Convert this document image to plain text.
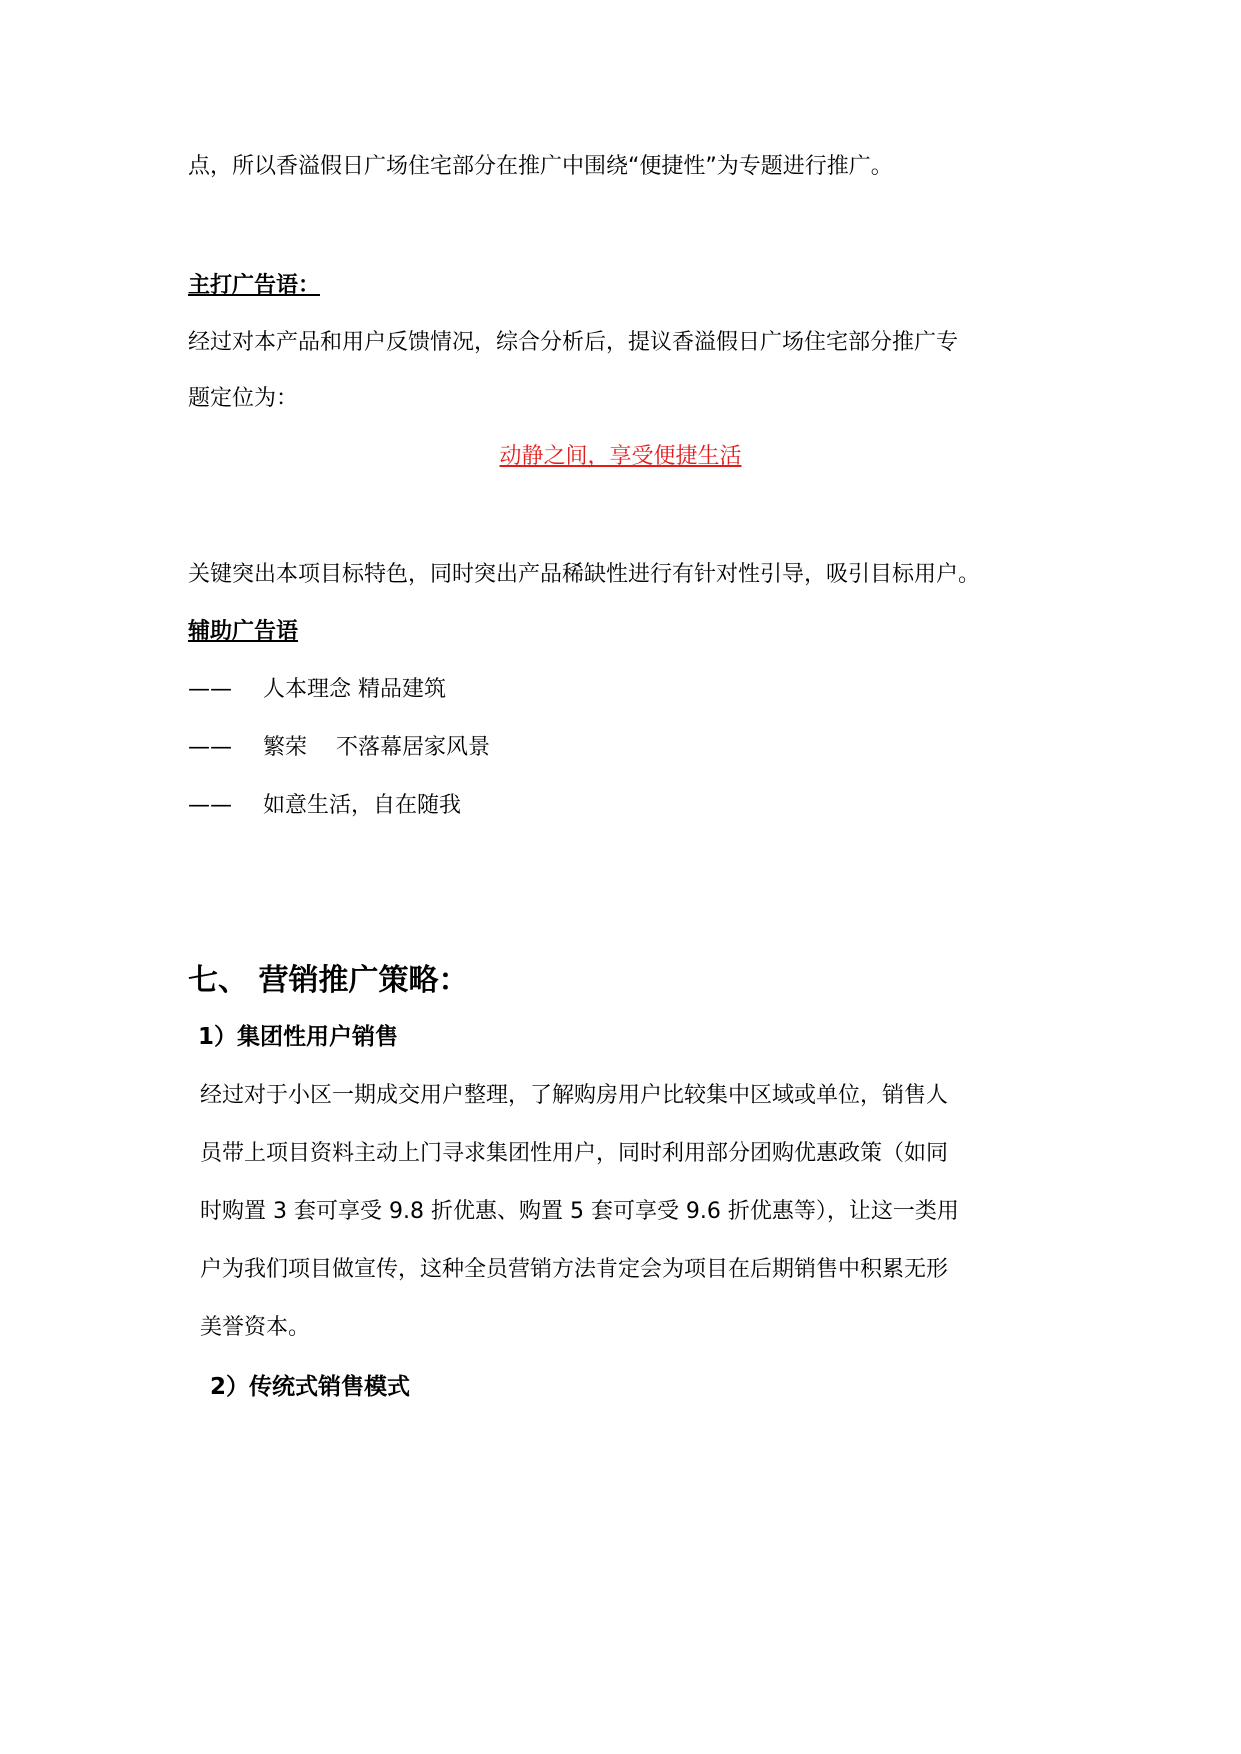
点，所以香溢假日广场住宅部分在推广中围绕“便捷性”为专题进行推广。
主打广告语：
经过对本产品和用户反馈情况，综合分析后，提议香溢假日广场住宅部分推广专
题定位为：
动静之间，享受便捷生活
关键突出本项目标特色，同时突出产品稀缺性进行有针对性引导，吸引目标用户。
辅助广告语
—— 人本理念 精品建筑
—— 繁荣　 不落幕居家风景
—— 如意生活，自在随我
七、 营销推广策略：
1）集团性用户销售
经过对于小区一期成交用户整理，了解购房用户比较集中区域或单位，销售人
员带上项目资料主动上门寻求集团性用户，同时利用部分团购优惠政策（如同
时购置 3 套可享受 9.8 折优惠、购置 5 套可享受 9.6 折优惠等），让这一类用
户为我们项目做宣传，这种全员营销方法肯定会为项目在后期销售中积累无形
美誉资本。
2）传统式销售模式
